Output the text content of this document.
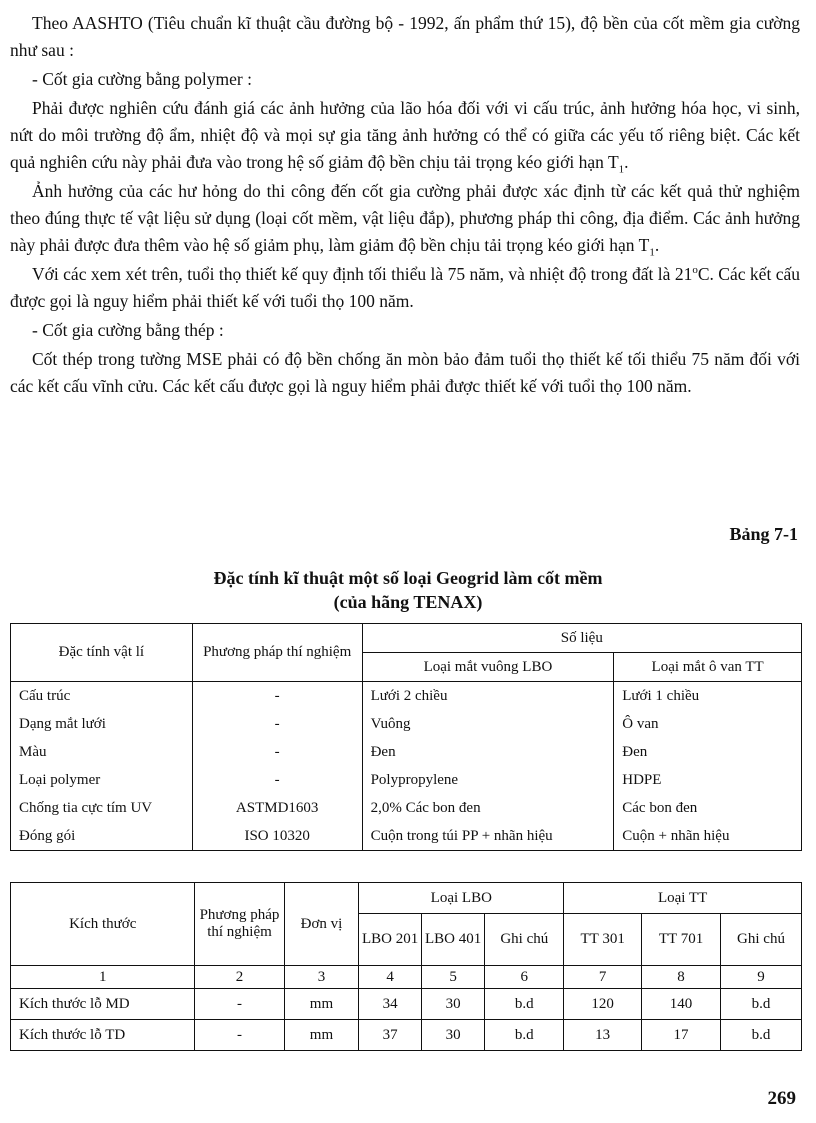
Theo AASHTO (Tiêu chuẩn kĩ thuật cầu đường bộ - 1992, ấn phẩm thứ 15), độ bền của cốt mềm gia cường như sau :

- Cốt gia cường bằng polymer :

Phải được nghiên cứu đánh giá các ảnh hưởng của lão hóa đối với vi cấu trúc, ảnh hưởng hóa học, vi sinh, nứt do môi trường độ ẩm, nhiệt độ và mọi sự gia tăng ảnh hưởng có thể có giữa các yếu tố riêng biệt. Các kết quả nghiên cứu này phải đưa vào trong hệ số giảm độ bền chịu tải trọng kéo giới hạn $T_1$.

Ảnh hưởng của các hư hỏng do thi công đến cốt gia cường phải được xác định từ các kết quả thử nghiệm theo đúng thực tế vật liệu sử dụng (loại cốt mềm, vật liệu đắp), phương pháp thi công, địa điểm. Các ảnh hưởng này phải được đưa thêm vào hệ số giảm phụ, làm giảm độ bền chịu tải trọng kéo giới hạn $T_1$.

Với các xem xét trên, tuổi thọ thiết kế quy định tối thiểu là 75 năm, và nhiệt độ trong đất là 21$^o$C. Các kết cấu được gọi là nguy hiểm phải thiết kế với tuổi thọ 100 năm.

- Cốt gia cường bằng thép :

Cốt thép trong tường MSE phải có độ bền chống ăn mòn bảo đảm tuổi thọ thiết kế tối thiểu 75 năm đối với các kết cấu vĩnh cửu. Các kết cấu được gọi là nguy hiểm phải được thiết kế với tuổi thọ 100 năm.

Bảng 7-1
Đặc tính kĩ thuật một số loại Geogrid làm cốt mềm
(của hãng TENAX)
Đặc tính vật lí	Phương pháp thí nghiệm	Số liệu	
		Loại mắt vuông LBO	Loại mắt ô van TT
Cấu trúc	-	Lưới 2 chiều	Lưới 1 chiều
Dạng mắt lưới	-	Vuông	Ô van
Màu	-	Đen	Đen
Loại polymer	-	Polypropylene	HDPE
Chống tia cực tím UV	ASTMD1603	2,0% Các bon đen	Các bon đen
Đóng gói	ISO 10320	Cuộn trong túi PP + nhãn hiệu	Cuộn + nhãn hiệu
Kích thước	Phương pháp thí nghiệm	Đơn vị	Loại LBO			Loại TT		
			LBO 201	LBO 401	Ghi chú	TT 301	TT 701	Ghi chú
1	2	3	4	5	6	7	8	9
Kích thước lỗ MD	-	mm	34	30	b.d	120	140	b.d
Kích thước lỗ TD	-	mm	37	30	b.d	13	17	b.d
269
